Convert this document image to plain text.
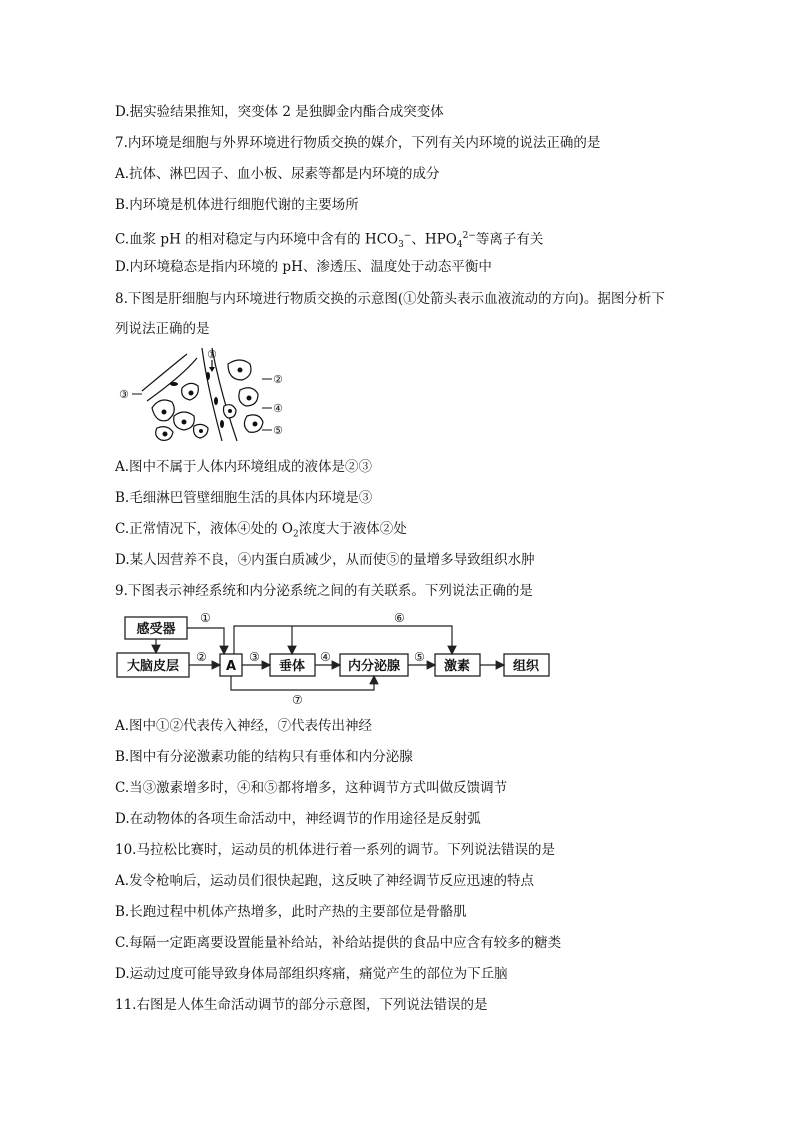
D.据实验结果推知，突变体 2 是独脚金内酯合成突变体
7.内环境是细胞与外界环境进行物质交换的媒介，下列有关内环境的说法正确的是
A.抗体、淋巴因子、血小板、尿素等都是内环境的成分
B.内环境是机体进行细胞代谢的主要场所
C.血浆 pH 的相对稳定与内环境中含有的 $HCO_3^-$、$HPO_4^{2-}$等离子有关
D.内环境稳态是指内环境的 pH、渗透压、温度处于动态平衡中
8.下图是肝细胞与内环境进行物质交换的示意图(①处箭头表示血液流动的方向)。据图分析下
列说法正确的是
①
②
③
④
⑤
A.图中不属于人体内环境组成的液体是②③
B.毛细淋巴管壁细胞生活的具体内环境是③
C.正常情况下，液体④处的 $O_2$浓度大于液体②处
D.某人因营养不良，④内蛋白质减少，从而使⑤的量增多导致组织水肿
9.下图表示神经系统和内分泌系统之间的有关联系。下列说法正确的是
感受器
大脑皮层	A	垂体	内分泌腺	激素	组织
①
②	③	④	⑤
⑥
⑦
A.图中①②代表传入神经，⑦代表传出神经
B.图中有分泌激素功能的结构只有垂体和内分泌腺
C.当③激素增多时，④和⑤都将增多，这种调节方式叫做反馈调节
D.在动物体的各项生命活动中，神经调节的作用途径是反射弧
10.马拉松比赛时，运动员的机体进行着一系列的调节。下列说法错误的是
A.发令枪响后，运动员们很快起跑，这反映了神经调节反应迅速的特点
B.长跑过程中机体产热增多，此时产热的主要部位是骨骼肌
C.每隔一定距离要设置能量补给站，补给站提供的食品中应含有较多的糖类
D.运动过度可能导致身体局部组织疼痛，痛觉产生的部位为下丘脑
11.右图是人体生命活动调节的部分示意图，下列说法错误的是
